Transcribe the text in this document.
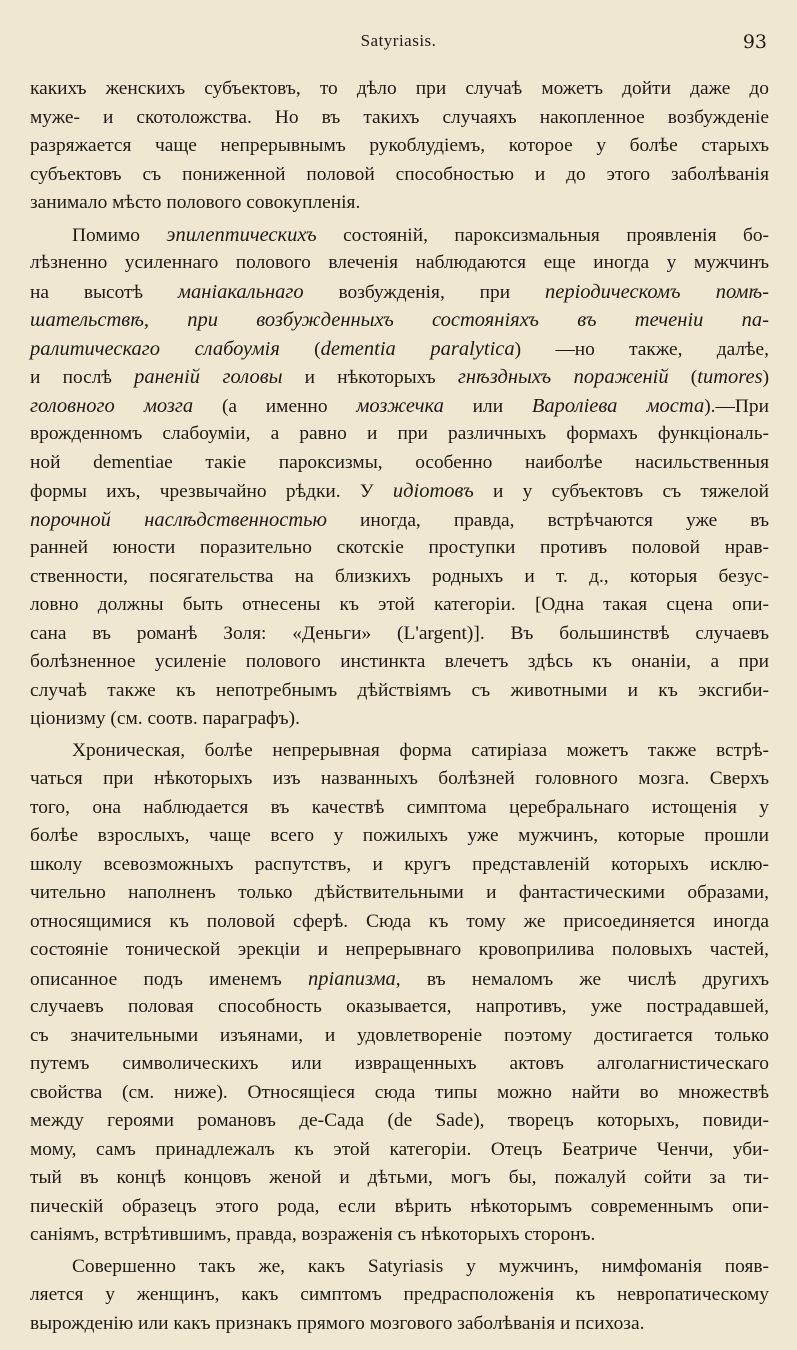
Satyriasis.	93
какихъ женскихъ субъектовъ, то дѣло при случаѣ можетъ дойти даже до
муже- и скотоложства. Но въ такихъ случаяхъ накопленное возбужденіе
разряжается чаще непрерывнымъ рукоблудіемъ, которое у болѣе старыхъ
субъектовъ съ пониженной половой способностью и до этого заболѣванія
занимало мѣсто полового совокупленія.
Помимо эпилептическихъ состояній, пароксизмальныя проявленія бо-
лѣзненно усиленнаго полового влеченія наблюдаются еще иногда у мужчинъ
на высотѣ маніакальнаго возбужденія, при періодическомъ помѣ-
шательствѣ, при возбужденныхъ состояніяхъ въ теченіи па-
ралитическаго слабоумія (dementia paralytica) —но также, далѣе,
и послѣ раненій головы и нѣкоторыхъ гнѣздныхъ пораженій (tumores)
головного мозга (а именно мозжечка или Вароліева моста).—При
врожденномъ слабоуміи, а равно и при различныхъ формахъ функціональ-
ной dementiae такіе пароксизмы, особенно наиболѣе насильственныя
формы ихъ, чрезвычайно рѣдки. У идіотовъ и у субъектовъ съ тяжелой
порочной наслѣдственностью иногда, правда, встрѣчаются уже въ
ранней юности поразительно скотскіе проступки противъ половой нрав-
ственности, посягательства на близкихъ родныхъ и т. д., которыя безус-
ловно должны быть отнесены къ этой категоріи. [Одна такая сцена опи-
сана въ романѣ Золя: «Деньги» (L'argent)]. Въ большинствѣ случаевъ
болѣзненное усиленіе полового инстинкта влечетъ здѣсь къ онаніи, а при
случаѣ также къ непотребнымъ дѣйствіямъ съ животными и къ эксгиби-
ціонизму (см. соотв. параграфъ).
Хроническая, болѣе непрерывная форма сатиріаза можетъ также встрѣ-
чаться при нѣкоторыхъ изъ названныхъ болѣзней головного мозга. Сверхъ
того, она наблюдается въ качествѣ симптома церебральнаго истощенія у
болѣе взрослыхъ, чаще всего у пожилыхъ уже мужчинъ, которые прошли
школу всевозможныхъ распутствъ, и кругъ представленій которыхъ исклю-
чительно наполненъ только дѣйствительными и фантастическими образами,
относящимися къ половой сферѣ. Сюда къ тому же присоединяется иногда
состояніе тонической эрекціи и непрерывнаго кровоприлива половыхъ частей,
описанное подъ именемъ пріапизма, въ немаломъ же числѣ другихъ
случаевъ половая способность оказывается, напротивъ, уже пострадавшей,
съ значительными изъянами, и удовлетвореніе поэтому достигается только
путемъ символическихъ или извращенныхъ актовъ алголагнистическаго
свойства (см. ниже). Относящіеся сюда типы можно найти во множествѣ
между героями романовъ де-Сада (de Sade), творецъ которыхъ, повиди-
мому, самъ принадлежалъ къ этой категоріи. Отецъ Беатриче Ченчи, уби-
тый въ концѣ концовъ женой и дѣтьми, могъ бы, пожалуй сойти за ти-
пическій образецъ этого рода, если вѣрить нѣкоторымъ современнымъ опи-
саніямъ, встрѣтившимъ, правда, возраженія съ нѣкоторыхъ сторонъ.
Совершенно такъ же, какъ Satyriasis у мужчинъ, нимфоманія появ-
ляется у женщинъ, какъ симптомъ предрасположенія къ невропатическому
вырожденію или какъ признакъ прямого мозгового заболѣванія и психоза.
